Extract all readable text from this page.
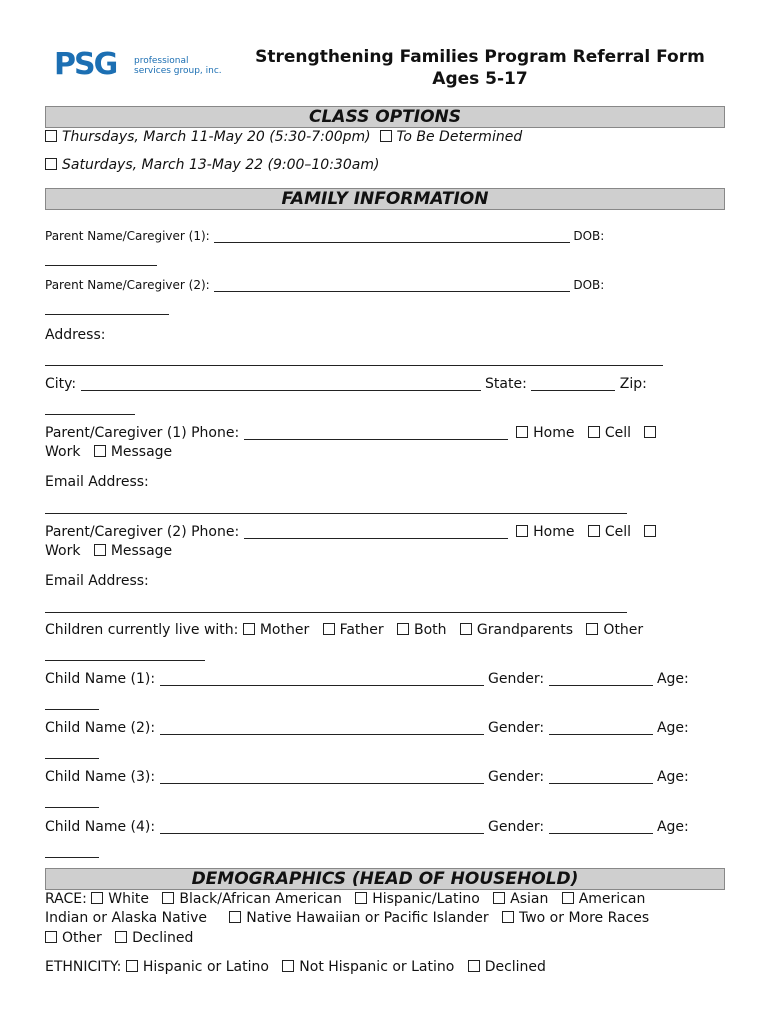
PSG professional
services group, inc.
Strengthening Families Program Referral Form
Ages 5-17
CLASS OPTIONS
Thursdays, March 11-May 20 (5:30-7:00pm) To Be Determined
Saturdays, March 13-May 22 (9:00–10:30am)
FAMILY INFORMATION
Parent Name/Caregiver (1):	DOB:
Parent Name/Caregiver (2):	DOB:
Address:
City:	State:	Zip:
Parent/Caregiver (1) Phone:	Home Cell
Work Message
Email Address:
Parent/Caregiver (2) Phone:	Home Cell
Work Message
Email Address:
Children currently live with: Mother Father Both Grandparents Other
Child Name (1):	Gender:	Age:
Child Name (2):	Gender:	Age:
Child Name (3):	Gender:	Age:
Child Name (4):	Gender:	Age:
DEMOGRAPHICS (HEAD OF HOUSEHOLD)
RACE: White Black/African American Hispanic/Latino Asian American
Indian or Alaska Native	Native Hawaiian or Pacific Islander Two or More Races
Other Declined
ETHNICITY: Hispanic or Latino Not Hispanic or Latino Declined
